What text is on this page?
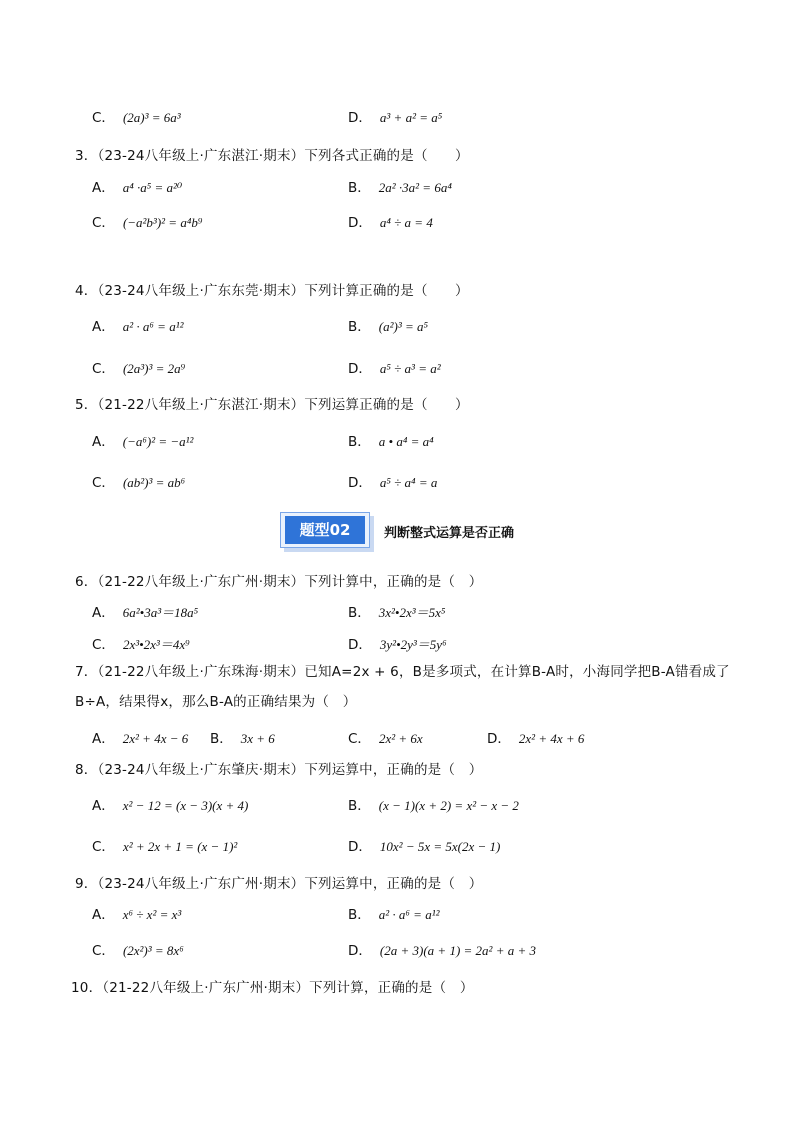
C． (2a)³ = 6a³	D． a³ + a² = a⁵
3．（23-24八年级上·广东湛江·期末）下列各式正确的是（　　）
A． a⁴ ·a⁵ = a²⁰	B． 2a² ·3a² = 6a⁴
C． (−a²b³)² = a⁴b⁹	D． a⁴ ÷ a = 4
4．（23-24八年级上·广东东莞·期末）下列计算正确的是（　　）
A． a² · a⁶ = a¹²	B． (a²)³ = a⁵
C． (2a³)³ = 2a⁹	D． a⁵ ÷ a³ = a²
5．（21-22八年级上·广东湛江·期末）下列运算正确的是（　　）
A． (−a⁶)² = −a¹²	B． a • a⁴ = a⁴
C． (ab²)³ = ab⁶	D． a⁵ ÷ a⁴ = a
题型02	判断整式运算是否正确
6．（21-22八年级上·广东广州·期末）下列计算中，正确的是（　）
A． 6a²•3a³＝18a⁵	B． 3x²•2x³＝5x⁵
C． 2x³•2x³＝4x⁹	D． 3y²•2y³＝5y⁶
7．（21-22八年级上·广东珠海·期末）已知A=2x + 6，B是多项式，在计算B-A时，小海同学把B-A错看成了B÷A，结果得x，那么B-A的正确结果为（　）
A． 2x² + 4x − 6 B． 3x + 6	C． 2x² + 6x	D． 2x² + 4x + 6
8．（23-24八年级上·广东肇庆·期末）下列运算中，正确的是（　）
A． x² − 12 = (x − 3)(x + 4)	B． (x − 1)(x + 2) = x² − x − 2
C． x² + 2x + 1 = (x − 1)²	D． 10x² − 5x = 5x(2x − 1)
9．（23-24八年级上·广东广州·期末）下列运算中，正确的是（　）
A． x⁶ ÷ x² = x³	B． a² · a⁶ = a¹²
C． (2x²)³ = 8x⁶	D． (2a + 3)(a + 1) = 2a² + a + 3
10．（21-22八年级上·广东广州·期末）下列计算，正确的是（　）
